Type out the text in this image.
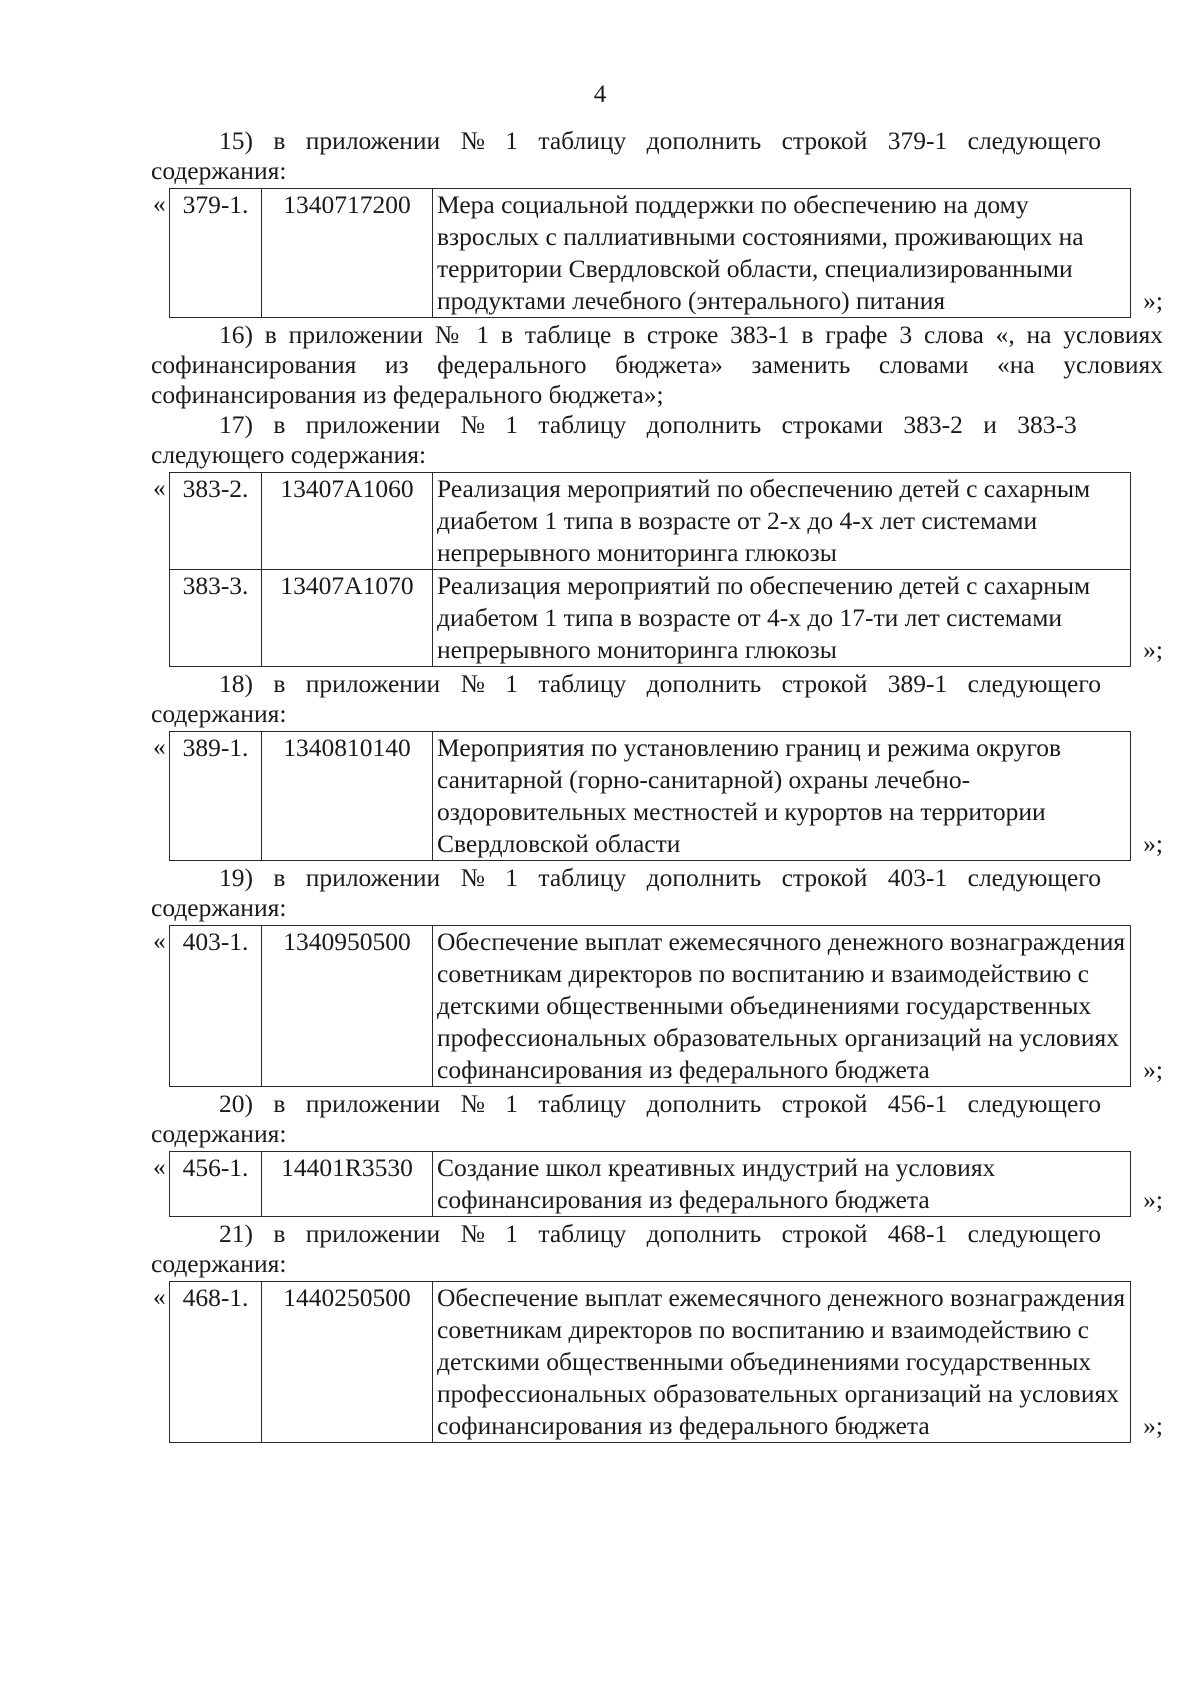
4

15) в приложении № 1 таблицу дополнить строкой 379-1 следующего
содержания:

« 379-1.	1340717200	Мера социальной поддержки по обеспечению на дому взрослых с паллиативными состояниями, проживающих на территории Свердловской области, специализированными продуктами лечебного (энтерального) питания	»;

16) в приложении № 1 в таблице в строке 383-1 в графе 3 слова «, на условиях софинансирования из федерального бюджета» заменить словами «на условиях софинансирования из федерального бюджета»;

17) в приложении № 1 таблицу дополнить строками 383-2 и 383-3
следующего содержания:

« 383-2.	13407А1060	Реализация мероприятий по обеспечению детей с сахарным диабетом 1 типа в возрасте от 2-х до 4-х лет системами непрерывного мониторинга глюкозы
383-3.	13407А1070	Реализация мероприятий по обеспечению детей с сахарным диабетом 1 типа в возрасте от 4-х до 17-ти лет системами непрерывного мониторинга глюкозы	»;

18) в приложении № 1 таблицу дополнить строкой 389-1 следующего
содержания:

« 389-1.	1340810140	Мероприятия по установлению границ и режима округов санитарной (горно-санитарной) охраны лечебно-оздоровительных местностей и курортов на территории Свердловской области	»;

19) в приложении № 1 таблицу дополнить строкой 403-1 следующего
содержания:

« 403-1.	1340950500	Обеспечение выплат ежемесячного денежного вознаграждения советникам директоров по воспитанию и взаимодействию с детскими общественными объединениями государственных профессиональных образовательных организаций на условиях софинансирования из федерального бюджета	»;

20) в приложении № 1 таблицу дополнить строкой 456-1 следующего
содержания:

« 456-1.	14401R3530	Создание школ креативных индустрий на условиях софинансирования из федерального бюджета	»;

21) в приложении № 1 таблицу дополнить строкой 468-1 следующего
содержания:

« 468-1.	1440250500	Обеспечение выплат ежемесячного денежного вознаграждения советникам директоров по воспитанию и взаимодействию с детскими общественными объединениями государственных профессиональных образовательных организаций на условиях софинансирования из федерального бюджета	»;
